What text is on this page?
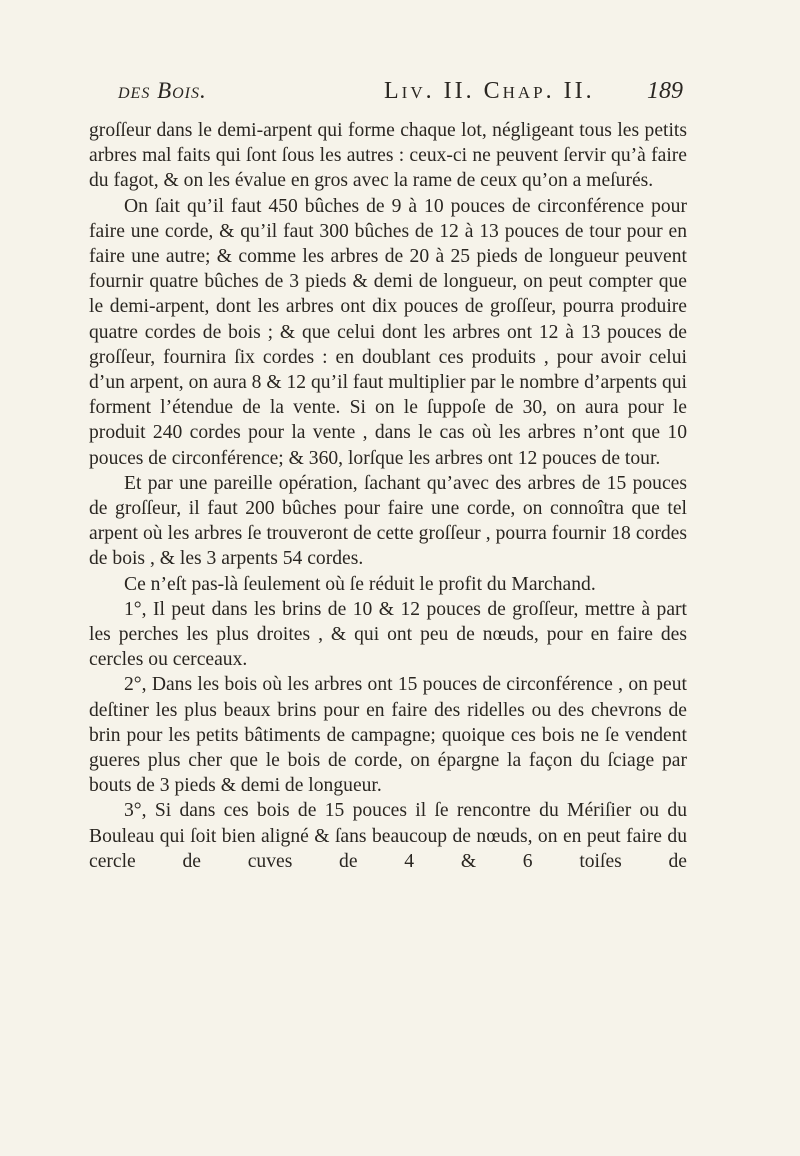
des Bois.	Liv. II. Chap. II. 189

groſſeur dans le demi-arpent qui forme chaque lot, négligeant tous les petits arbres mal faits qui ſont ſous les autres : ceux-ci ne peuvent ſervir qu’à faire du fagot, & on les évalue en gros avec la rame de ceux qu’on a meſurés.

On ſait qu’il faut 450 bûches de 9 à 10 pouces de circonférence pour faire une corde, & qu’il faut 300 bûches de 12 à 13 pouces de tour pour en faire une autre; & comme les arbres de 20 à 25 pieds de longueur peuvent fournir quatre bûches de 3 pieds & demi de longueur, on peut compter que le demi-arpent, dont les arbres ont dix pouces de groſſeur, pourra produire quatre cordes de bois ; & que celui dont les arbres ont 12 à 13 pouces de groſſeur, fournira ſix cordes : en doublant ces produits , pour avoir celui d’un arpent, on aura 8 & 12 qu’il faut multiplier par le nombre d’arpents qui forment l’étendue de la vente. Si on le ſuppoſe de 30, on aura pour le produit 240 cordes pour la vente , dans le cas où les arbres n’ont que 10 pouces de circonférence; & 360, lorſque les arbres ont 12 pouces de tour.

Et par une pareille opération, ſachant qu’avec des arbres de 15 pouces de groſſeur, il faut 200 bûches pour faire une corde, on connoîtra que tel arpent où les arbres ſe trouveront de cette groſſeur , pourra fournir 18 cordes de bois , & les 3 arpents 54 cordes.

Ce n’eſt pas-là ſeulement où ſe réduit le profit du Marchand.

1°, Il peut dans les brins de 10 & 12 pouces de groſſeur, mettre à part les perches les plus droites , & qui ont peu de nœuds, pour en faire des cercles ou cerceaux.

2°, Dans les bois où les arbres ont 15 pouces de circonférence , on peut deſtiner les plus beaux brins pour en faire des ridelles ou des chevrons de brin pour les petits bâtiments de campagne; quoique ces bois ne ſe vendent gueres plus cher que le bois de corde, on épargne la façon du ſciage par bouts de 3 pieds & demi de longueur.

3°, Si dans ces bois de 15 pouces il ſe rencontre du Mériſier ou du Bouleau qui ſoit bien aligné & ſans beaucoup de nœuds, on en peut faire du cercle de cuves de 4 & 6 toiſes de
